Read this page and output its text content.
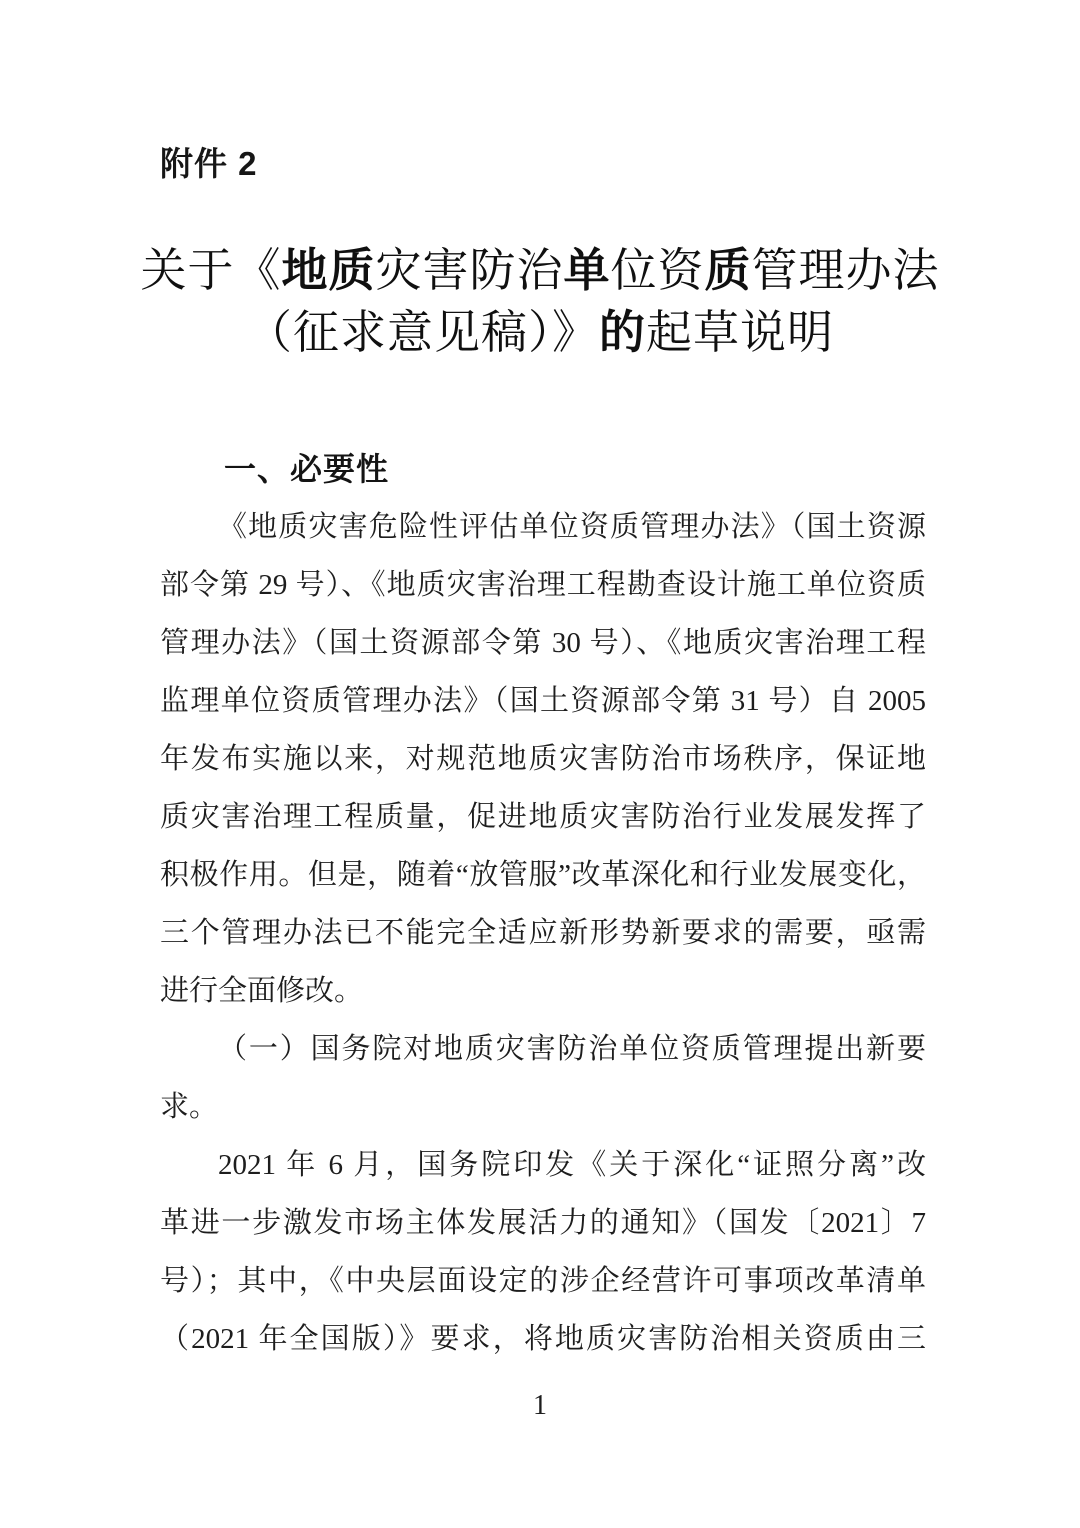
附件 2
关于《地质灾害防治单位资质管理办法
（征求意见稿）》的起草说明
一、必要性
《地质灾害危险性评估单位资质管理办法》（国土资源
部令第 29 号）、《地质灾害治理工程勘查设计施工单位资质
管理办法》（国土资源部令第 30 号）、《地质灾害治理工程
监理单位资质管理办法》（国土资源部令第 31 号）自 2005
年发布实施以来，对规范地质灾害防治市场秩序，保证地
质灾害治理工程质量，促进地质灾害防治行业发展发挥了
积极作用。但是，随着“放管服”改革深化和行业发展变化，
三个管理办法已不能完全适应新形势新要求的需要，亟需
进行全面修改。
（一）国务院对地质灾害防治单位资质管理提出新要
求。
2021 年 6 月，国务院印发《关于深化“证照分离”改
革进一步激发市场主体发展活力的通知》（国发〔2021〕7
号）；其中，《中央层面设定的涉企经营许可事项改革清单
（2021 年全国版）》要求，将地质灾害防治相关资质由三
1
